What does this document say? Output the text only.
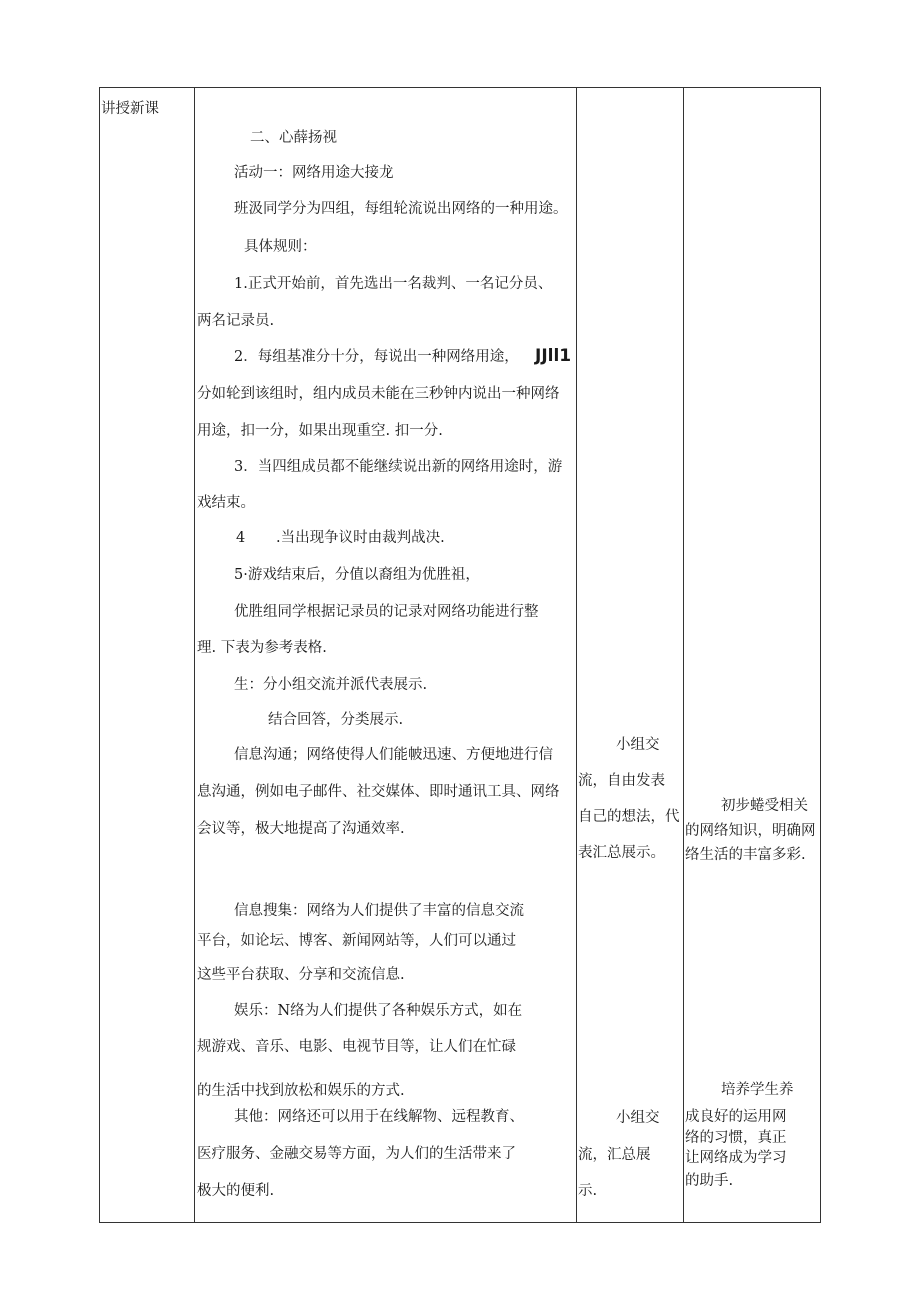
讲授新课
二、心薛扬视
活动一：网络用途大接龙
班汲同学分为四组，每组轮流说出网络的一种用途。
具体规则：
1.正式开始前，首先选出一名裁判、一名记分员、
两名记录员.
2．每组基准分十分，每说出一种网络用途， JJll1
分如轮到该组时，组内成员未能在三秒钟内说出一种网络
用途，扣一分，如果出现重空. 扣一分.
3．当四组成员都不能继续说出新的网络用途时，游
戏结束。
4 .当出现争议时由裁判战决.
5·游戏结束后，分值以裔组为优胜祖，
优胜组同学根据记录员的记录对网络功能进行整
理. 下表为参考表格.
生：分小组交流并派代表展示.
结合回答，分类展示.
信息沟通；网络使得人们能帔迅速、方便地进行信
息沟通，例如电子邮件、社交媒体、即时通讯工具、网络
会议等，极大地提高了沟通效率.
信息搜集：网络为人们提供了丰富的信息交流
平台，如论坛、博客、新闻网站等，人们可以通过
这些平台获取、分享和交流信息.
娱乐：N络为人们提供了各种娱乐方式，如在
规游戏、音乐、电影、电视节目等，让人们在忙碌
的生活中找到放松和娱乐的方式.
其他：网络还可以用于在线解物、远程教育、
医疗服务、金融交易等方面，为人们的生活带来了
极大的便利.
小组交
流，自由发表
自己的想法，代
表汇总展示。
小组交
流，汇总展
示.
初步蜷受相关
的网络知识，明确网
络生活的丰富多彩.
培养学生养
成良好的运用网
络的习惯，真正
让网络成为学习
的助手.
